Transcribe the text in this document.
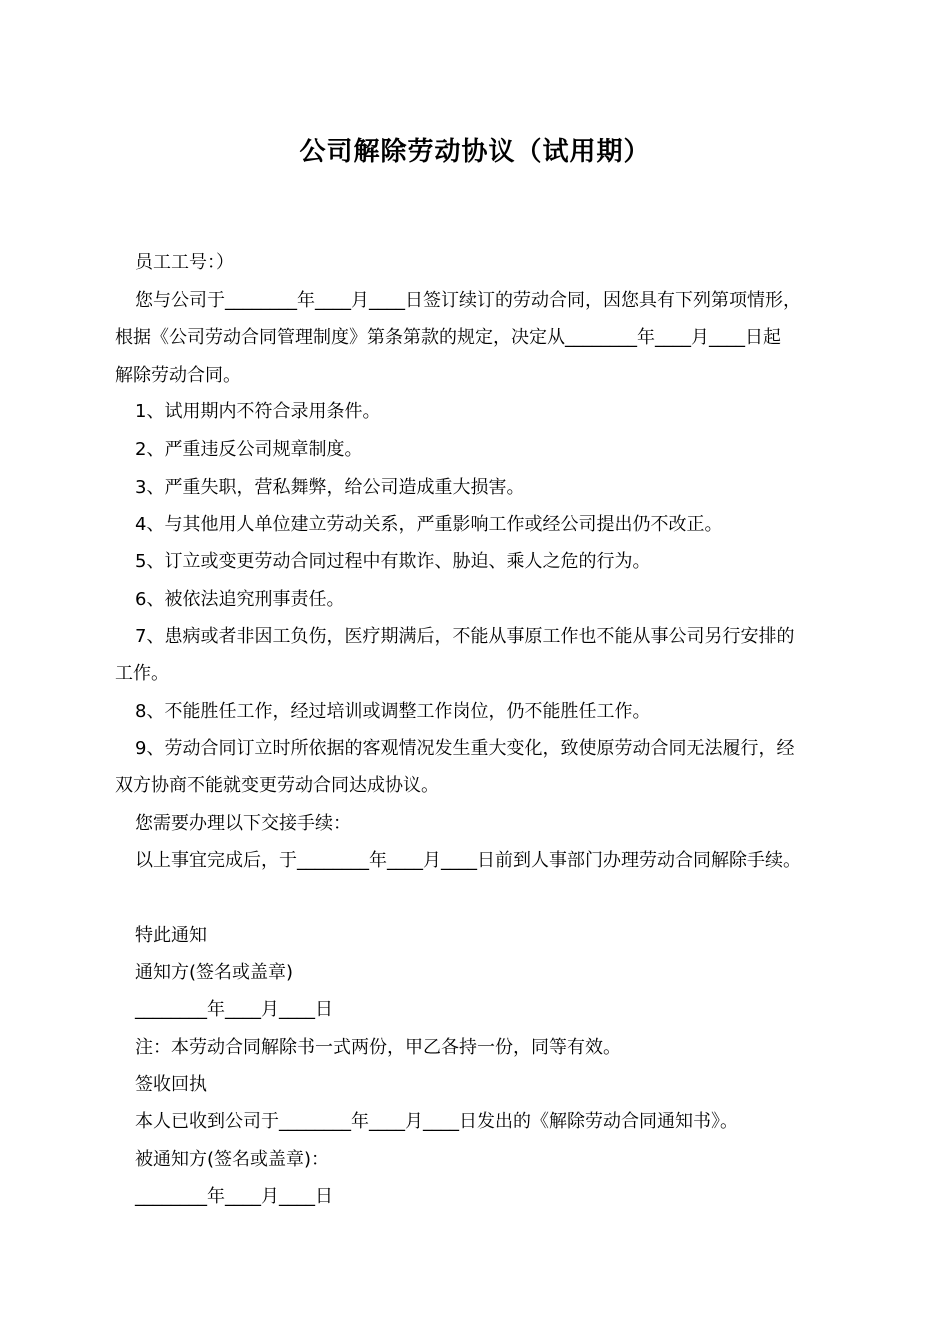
公司解除劳动协议（试用期）
员工工号：）
您与公司于________年____月____日签订续订的劳动合同，因您具有下列第项情形，
根据《公司劳动合同管理制度》第条第款的规定，决定从________年____月____日起
解除劳动合同。
1、试用期内不符合录用条件。
2、严重违反公司规章制度。
3、严重失职，营私舞弊，给公司造成重大损害。
4、与其他用人单位建立劳动关系，严重影响工作或经公司提出仍不改正。
5、订立或变更劳动合同过程中有欺诈、胁迫、乘人之危的行为。
6、被依法追究刑事责任。
7、患病或者非因工负伤，医疗期满后，不能从事原工作也不能从事公司另行安排的
工作。
8、不能胜任工作，经过培训或调整工作岗位，仍不能胜任工作。
9、劳动合同订立时所依据的客观情况发生重大变化，致使原劳动合同无法履行，经
双方协商不能就变更劳动合同达成协议。
您需要办理以下交接手续：
以上事宜完成后，于________年____月____日前到人事部门办理劳动合同解除手续。
特此通知
通知方(签名或盖章)
________年____月____日
注：本劳动合同解除书一式两份，甲乙各持一份，同等有效。
签收回执
本人已收到公司于________年____月____日发出的《解除劳动合同通知书》。
被通知方(签名或盖章)：
________年____月____日
